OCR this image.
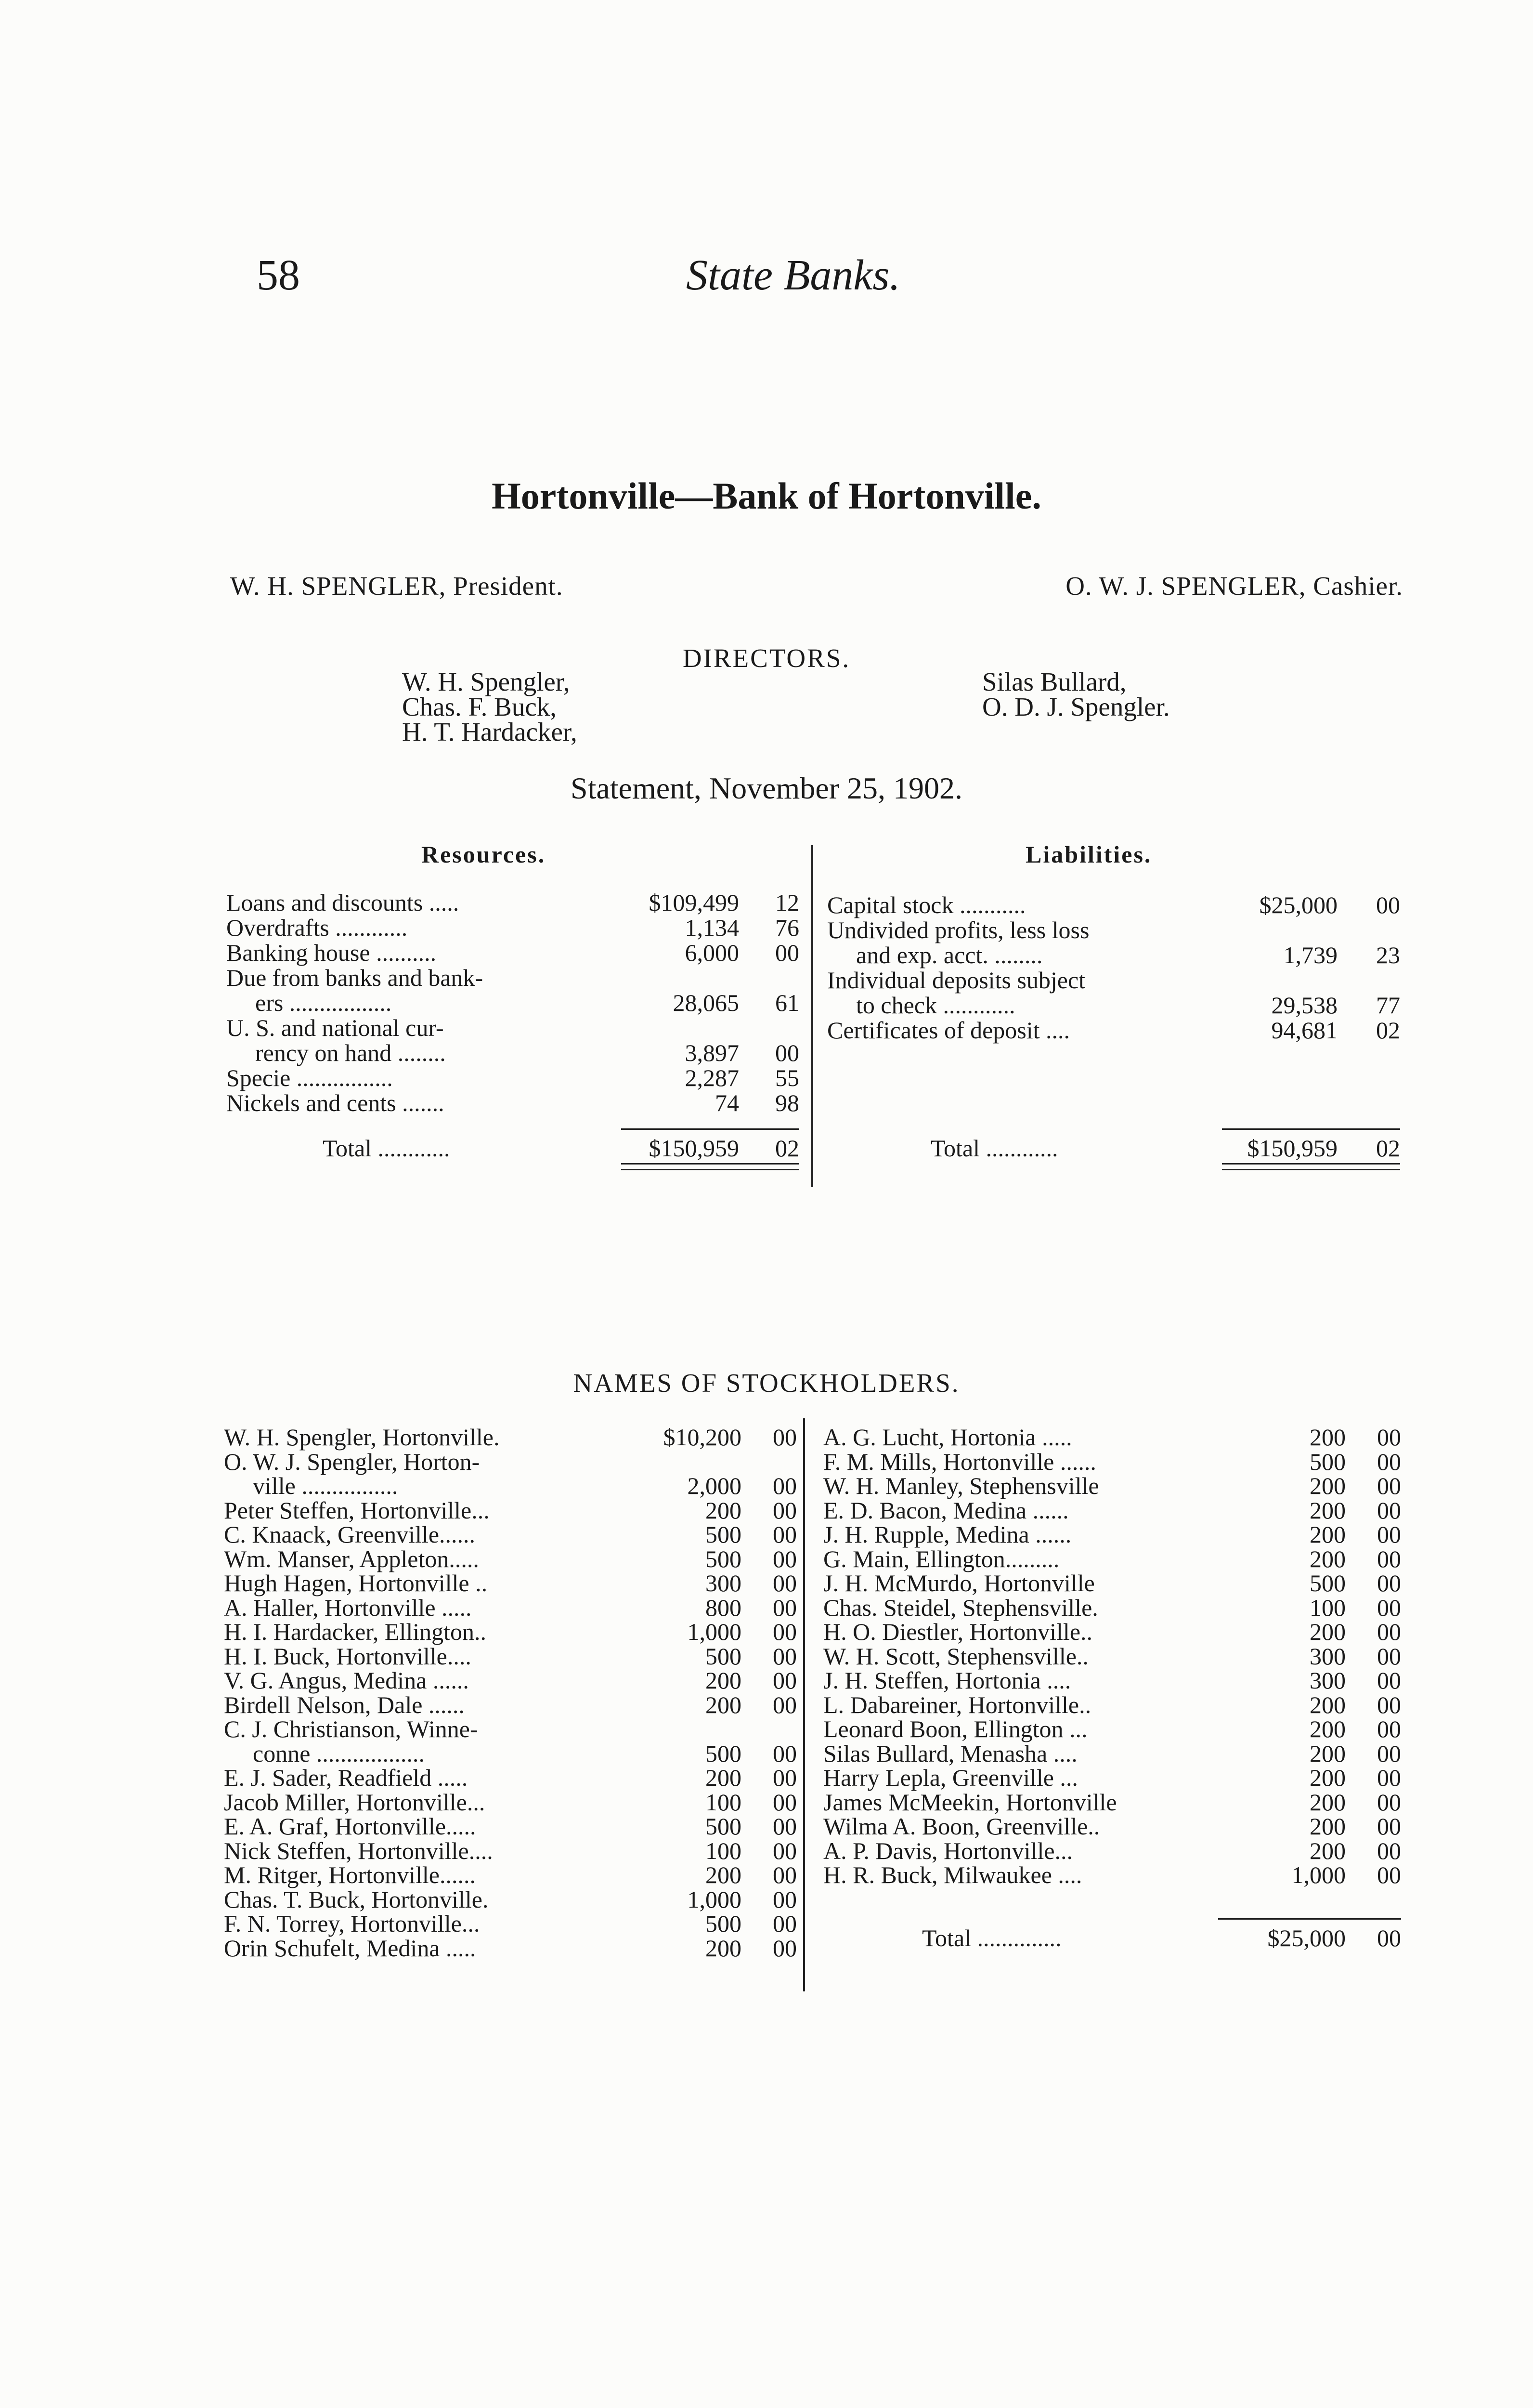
58	State Banks.
Hortonville—Bank of Hortonville.
W. H. SPENGLER, President.	O. W. J. SPENGLER, Cashier.
DIRECTORS.
W. H. Spengler,
Chas. F. Buck,
H. T. Hardacker,
Silas Bullard,
O. D. J. Spengler.
Statement, November 25, 1902.
Resources.	Liabilities.
Loans and discounts .....	$109,499 12
Overdrafts ............	1,134 76
Banking house ..........	6,000 00
Due from banks and bank-
ers .................	28,065 61
U. S. and national cur-
rency on hand ........	3,897 00
Specie ................	2,287 55
Nickels and cents .......	74 98
Total ............	$150,959 02
Capital stock ...........	$25,000 00
Undivided profits, less loss
and exp. acct. ........	1,739 23
Individual deposits subject
to check ............	29,538 77
Certificates of deposit ....	94,681 02
Total ............	$150,959 02
NAMES OF STOCKHOLDERS.
W. H. Spengler, Hortonville.	$10,200 00
O. W. J. Spengler, Horton-
ville ................	2,000 00
Peter Steffen, Hortonville...	200 00
C. Knaack, Greenville......	500 00
Wm. Manser, Appleton.....	500 00
Hugh Hagen, Hortonville ..	300 00
A. Haller, Hortonville .....	800 00
H. I. Hardacker, Ellington..	1,000 00
H. I. Buck, Hortonville....	500 00
V. G. Angus, Medina ......	200 00
Birdell Nelson, Dale ......	200 00
C. J. Christianson, Winne-
conne ..................	500 00
E. J. Sader, Readfield .....	200 00
Jacob Miller, Hortonville...	100 00
E. A. Graf, Hortonville.....	500 00
Nick Steffen, Hortonville....	100 00
M. Ritger, Hortonville......	200 00
Chas. T. Buck, Hortonville.	1,000 00
F. N. Torrey, Hortonville...	500 00
Orin Schufelt, Medina .....	200 00
A. G. Lucht, Hortonia .....	200 00
F. M. Mills, Hortonville ......	500 00
W. H. Manley, Stephensville	200 00
E. D. Bacon, Medina ......	200 00
J. H. Rupple, Medina ......	200 00
G. Main, Ellington.........	200 00
J. H. McMurdo, Hortonville	500 00
Chas. Steidel, Stephensville.	100 00
H. O. Diestler, Hortonville..	200 00
W. H. Scott, Stephensville..	300 00
J. H. Steffen, Hortonia ....	300 00
L. Dabareiner, Hortonville..	200 00
Leonard Boon, Ellington ...	200 00
Silas Bullard, Menasha ....	200 00
Harry Lepla, Greenville ...	200 00
James McMeekin, Hortonville	200 00
Wilma A. Boon, Greenville..	200 00
A. P. Davis, Hortonville...	200 00
H. R. Buck, Milwaukee ....	1,000 00
Total ..............	$25,000 00
